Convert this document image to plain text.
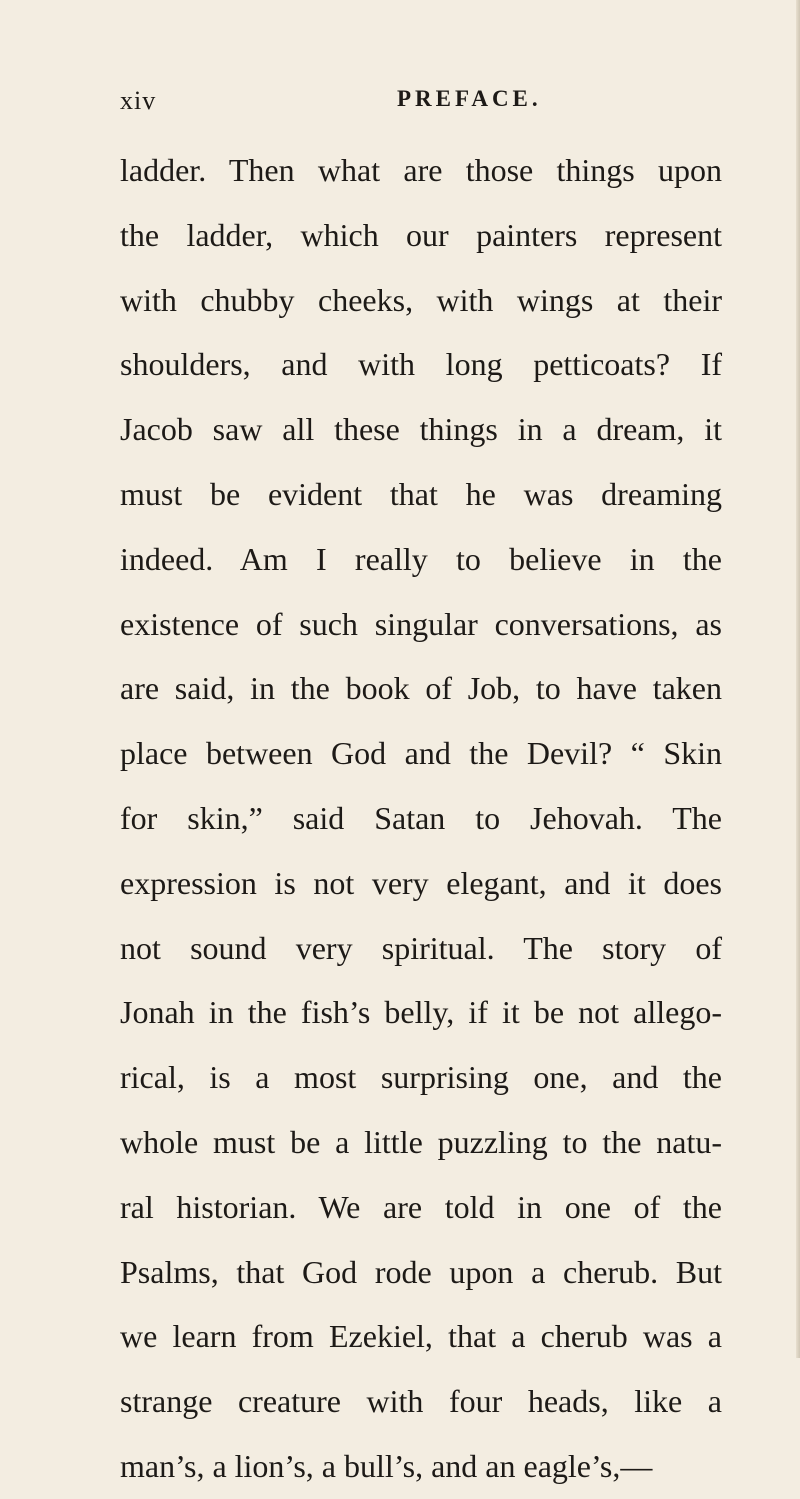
xiv	PREFACE.
ladder. Then what are those things upon
the ladder, which our painters represent
with chubby cheeks, with wings at their
shoulders, and with long petticoats? If
Jacob saw all these things in a dream, it
must be evident that he was dreaming
indeed. Am I really to believe in the
existence of such singular conversations, as
are said, in the book of Job, to have taken
place between God and the Devil? “ Skin
for skin,” said Satan to Jehovah. The
expression is not very elegant, and it does
not sound very spiritual. The story of
Jonah in the fish’s belly, if it be not allego-
rical, is a most surprising one, and the
whole must be a little puzzling to the natu-
ral historian. We are told in one of the
Psalms, that God rode upon a cherub. But
we learn from Ezekiel, that a cherub was a
strange creature with four heads, like a
man’s, a lion’s, a bull’s, and an eagle’s,—
